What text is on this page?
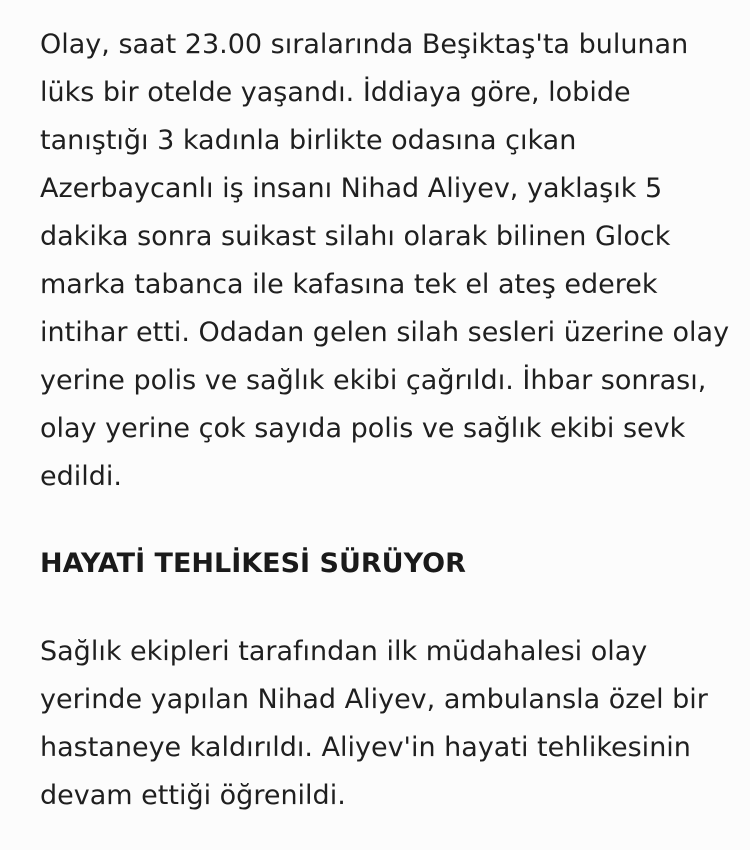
Olay, saat 23.00 sıralarında Beşiktaş'ta bulunan
lüks bir otelde yaşandı. İddiaya göre, lobide
tanıştığı 3 kadınla birlikte odasına çıkan
Azerbaycanlı iş insanı Nihad Aliyev, yaklaşık 5
dakika sonra suikast silahı olarak bilinen Glock
marka tabanca ile kafasına tek el ateş ederek
intihar etti. Odadan gelen silah sesleri üzerine olay
yerine polis ve sağlık ekibi çağrıldı. İhbar sonrası,
olay yerine çok sayıda polis ve sağlık ekibi sevk
edildi.
HAYATİ TEHLİKESİ SÜRÜYOR
Sağlık ekipleri tarafından ilk müdahalesi olay
yerinde yapılan Nihad Aliyev, ambulansla özel bir
hastaneye kaldırıldı. Aliyev'in hayati tehlikesinin
devam ettiği öğrenildi.
